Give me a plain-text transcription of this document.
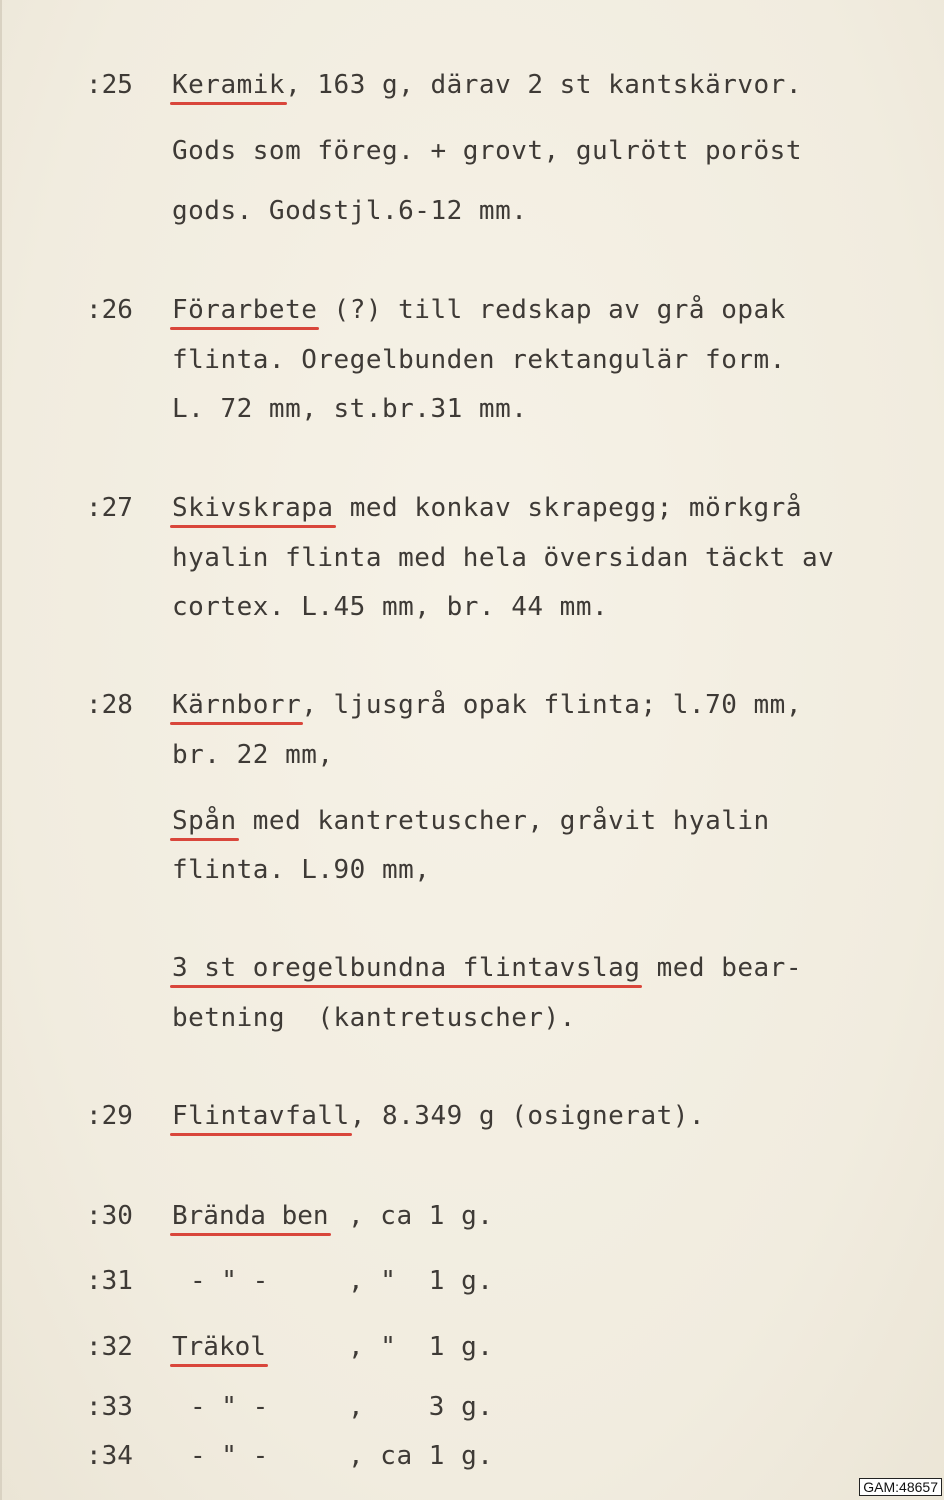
:25 Keramik, 163 g, därav 2 st kantskärvor.
Gods som föreg. + grovt, gulrött poröst
gods. Godstjl.6-12 mm.
:26 Förarbete (?) till redskap av grå opak
flinta. Oregelbunden rektangulär form.
L. 72 mm, st.br.31 mm.
:27 Skivskrapa med konkav skrapegg; mörkgrå
hyalin flinta med hela översidan täckt av
cortex. L.45 mm, br. 44 mm.
:28 Kärnborr, ljusgrå opak flinta; l.70 mm,
br. 22 mm,
Spån med kantretuscher, gråvit hyalin
flinta. L.90 mm,
3 st oregelbundna flintavslag med bear-
betning  (kantretuscher).
:29 Flintavfall, 8.349 g (osignerat).
:30 Brända ben , ca 1 g.
:31 - " -	, "  1 g.
:32 Träkol	, "  1 g.
:33 - " -	,    3 g.
:34 - " -	, ca 1 g.
GAM:48657
